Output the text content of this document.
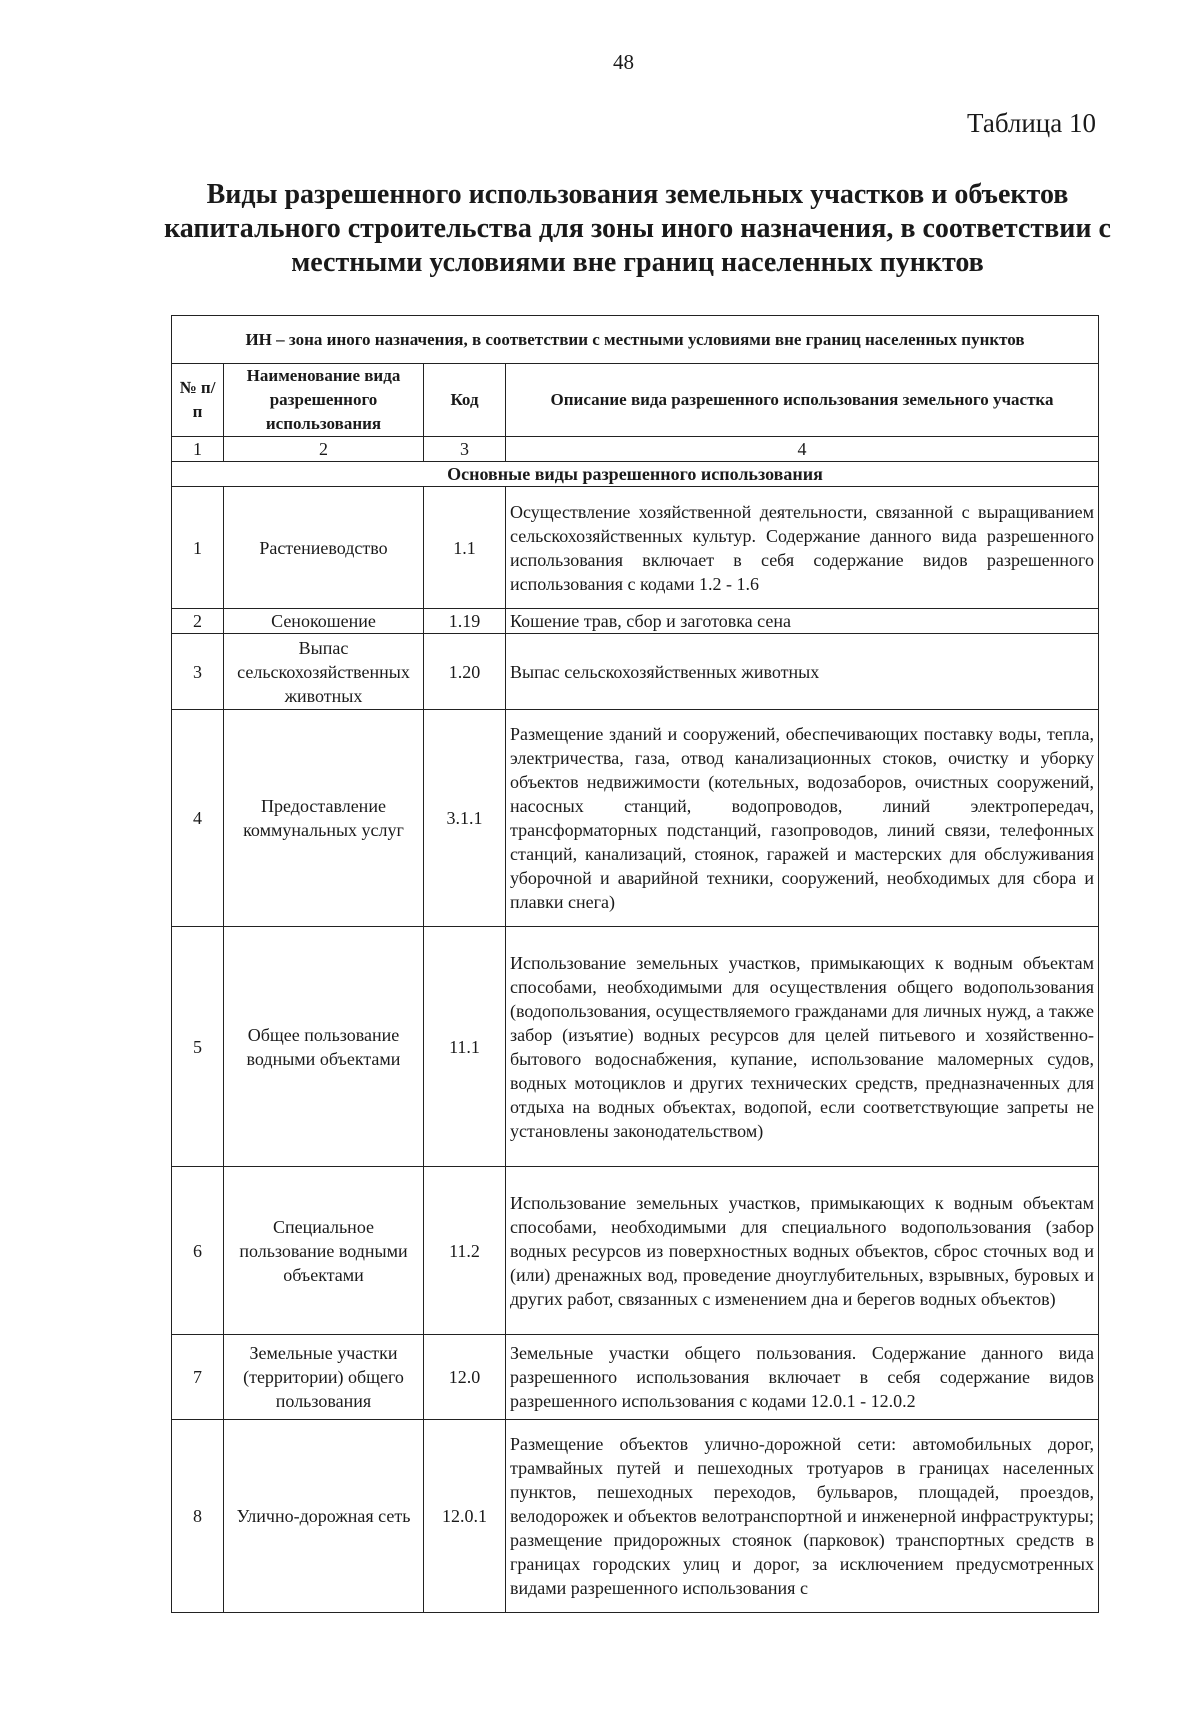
48
Таблица 10
Виды разрешенного использования земельных участков и объектов капитального строительства для зоны иного назначения, в соответствии с местными условиями вне границ населенных пунктов
ИН – зона иного назначения, в соответствии с местными условиями вне границ населенных пунктов			
№ п/п	Наименование вида разрешенного использования	Код	Описание вида разрешенного использования земельного участка
1	2	3	4
Основные виды разрешенного использования			
1	Растениеводство	1.1	Осуществление хозяйственной деятельности, связанной с выращиванием сельскохозяйственных культур. Содержание данного вида разрешенного использования включает в себя содержание видов разрешенного использования с кодами 1.2 - 1.6
2	Сенокошение	1.19	Кошение трав, сбор и заготовка сена
3	Выпас сельскохозяйственных животных	1.20	Выпас сельскохозяйственных животных
4	Предоставление коммунальных услуг	3.1.1	Размещение зданий и сооружений, обеспечивающих поставку воды, тепла, электричества, газа, отвод канализационных стоков, очистку и уборку объектов недвижимости (котельных, водозаборов, очистных сооружений, насосных станций, водопроводов, линий электропередач, трансформаторных подстанций, газопроводов, линий связи, телефонных станций, канализаций, стоянок, гаражей и мастерских для обслуживания уборочной и аварийной техники, сооружений, необходимых для сбора и плавки снега)
5	Общее пользование водными объектами	11.1	Использование земельных участков, примыкающих к водным объектам способами, необходимыми для осуществления общего водопользования (водопользования, осуществляемого гражданами для личных нужд, а также забор (изъятие) водных ресурсов для целей питьевого и хозяйственно-бытового водоснабжения, купание, использование маломерных судов, водных мотоциклов и других технических средств, предназначенных для отдыха на водных объектах, водопой, если соответствующие запреты не установлены законодательством)
6	Специальное пользование водными объектами	11.2	Использование земельных участков, примыкающих к водным объектам способами, необходимыми для специального водопользования (забор водных ресурсов из поверхностных водных объектов, сброс сточных вод и (или) дренажных вод, проведение дноуглубительных, взрывных, буровых и других работ, связанных с изменением дна и берегов водных объектов)
7	Земельные участки (территории) общего пользования	12.0	Земельные участки общего пользования. Содержание данного вида разрешенного использования включает в себя содержание видов разрешенного использования с кодами 12.0.1 - 12.0.2
8	Улично-дорожная сеть	12.0.1	Размещение объектов улично-дорожной сети: автомобильных дорог, трамвайных путей и пешеходных тротуаров в границах населенных пунктов, пешеходных переходов, бульваров, площадей, проездов, велодорожек и объектов велотранспортной и инженерной инфраструктуры; размещение придорожных стоянок (парковок) транспортных средств в границах городских улиц и дорог, за исключением предусмотренных видами разрешенного использования с
